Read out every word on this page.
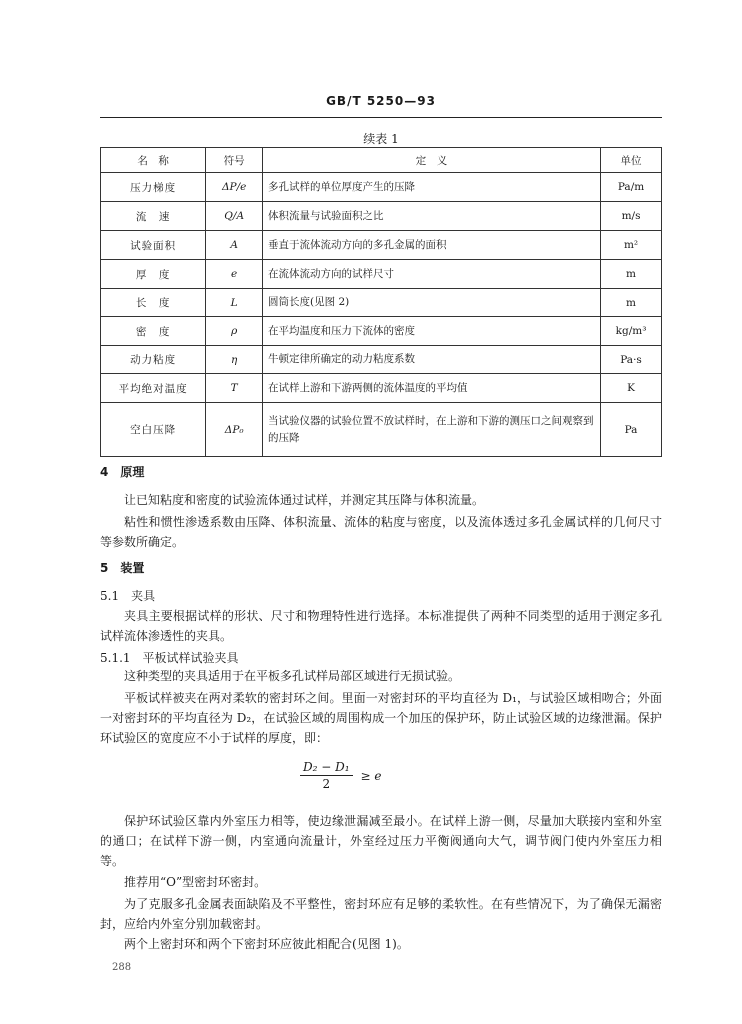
GB/T 5250—93
续表 1
名　称	符号	定　义	单位
压力梯度	ΔP/e	多孔试样的单位厚度产生的压降	Pa/m
流　速	Q/A	体积流量与试验面积之比	m/s
试验面积	A	垂直于流体流动方向的多孔金属的面积	m²
厚　度	e	在流体流动方向的试样尺寸	m
长　度	L	圆筒长度(见图 2)	m
密　度	ρ	在平均温度和压力下流体的密度	kg/m³
动力粘度	η	牛顿定律所确定的动力粘度系数	Pa·s
平均绝对温度	T	在试样上游和下游两侧的流体温度的平均值	K
空白压降	ΔP₀	当试验仪器的试验位置不放试样时，在上游和下游的测压口之间观察到的压降	Pa
4 原理
让已知粘度和密度的试验流体通过试样，并测定其压降与体积流量。
粘性和惯性渗透系数由压降、体积流量、流体的粘度与密度，以及流体透过多孔金属试样的几何尺寸等参数所确定。
5 装置
5.1 夹具
夹具主要根据试样的形状、尺寸和物理特性进行选择。本标准提供了两种不同类型的适用于测定多孔试样流体渗透性的夹具。
5.1.1 平板试样试验夹具
这种类型的夹具适用于在平板多孔试样局部区域进行无损试验。
平板试样被夹在两对柔软的密封环之间。里面一对密封环的平均直径为 D₁，与试验区域相吻合；外面一对密封环的平均直径为 D₂，在试验区域的周围构成一个加压的保护环，防止试验区域的边缘泄漏。保护环试验区的宽度应不小于试样的厚度，即：
$\frac{\text{D₂ − D₁}}{2} \ge e$
保护环试验区靠内外室压力相等，使边缘泄漏减至最小。在试样上游一侧，尽量加大联接内室和外室的通口；在试样下游一侧，内室通向流量计，外室经过压力平衡阀通向大气，调节阀门使内外室压力相等。
推荐用“O”型密封环密封。
为了克服多孔金属表面缺陷及不平整性，密封环应有足够的柔软性。在有些情况下，为了确保无漏密封，应给内外室分别加载密封。
两个上密封环和两个下密封环应彼此相配合(见图 1)。
288
